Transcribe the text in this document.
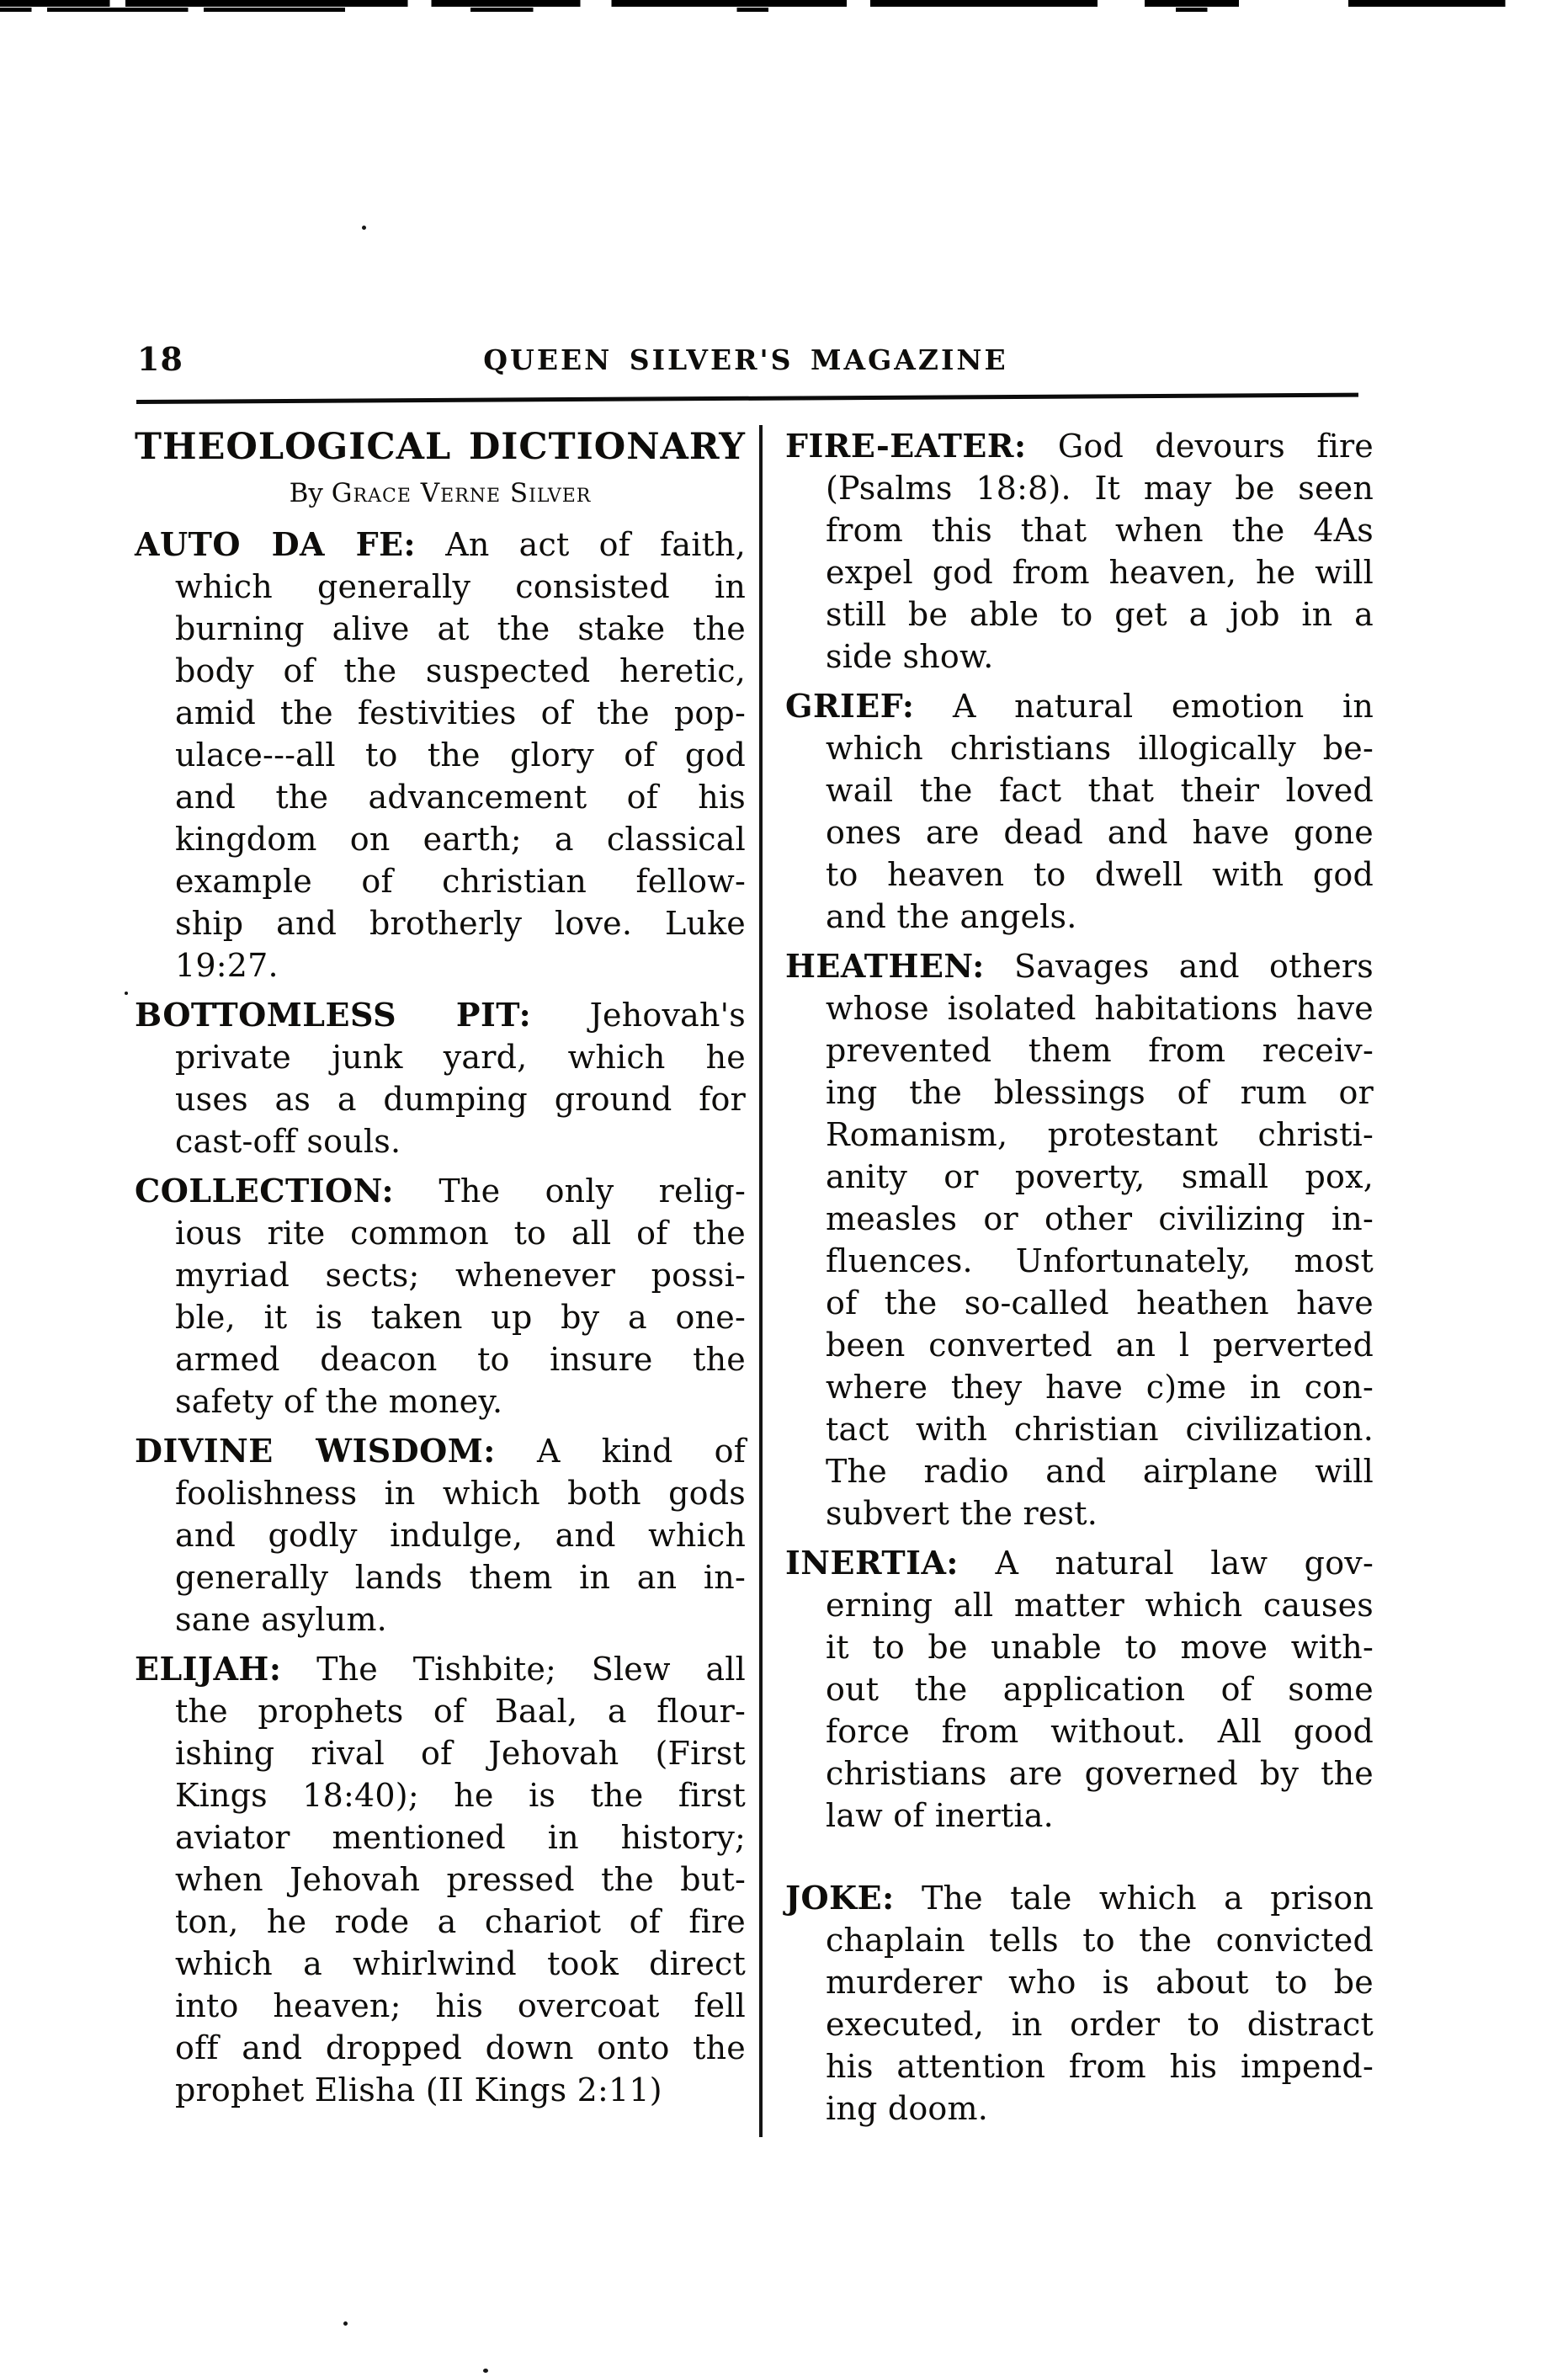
18	QUEEN SILVER'S MAGAZINE
THEOLOGICAL DICTIONARY
By Grace Verne Silver
AUTO DA FE: An act of faith,
which generally consisted in
burning alive at the stake the
body of the suspected heretic,
amid the festivities of the pop-
ulace---all to the glory of god
and the advancement of his
kingdom on earth; a classical
example of christian fellow-
ship and brotherly love. Luke
19:27.
BOTTOMLESS PIT: Jehovah's
private junk yard, which he
uses as a dumping ground for
cast-off souls.
COLLECTION: The only relig-
ious rite common to all of the
myriad sects; whenever possi-
ble, it is taken up by a one-
armed deacon to insure the
safety of the money.
DIVINE WISDOM: A kind of
foolishness in which both gods
and godly indulge, and which
generally lands them in an in-
sane asylum.
ELIJAH: The Tishbite; Slew all
the prophets of Baal, a flour-
ishing rival of Jehovah (First
Kings 18:40); he is the first
aviator mentioned in history;
when Jehovah pressed the but-
ton, he rode a chariot of fire
which a whirlwind took direct
into heaven; his overcoat fell
off and dropped down onto the
prophet Elisha (II Kings 2:11)
FIRE-EATER: God devours fire
(Psalms 18:8). It may be seen
from this that when the 4As
expel god from heaven, he will
still be able to get a job in a
side show.
GRIEF: A natural emotion in
which christians illogically be-
wail the fact that their loved
ones are dead and have gone
to heaven to dwell with god
and the angels.
HEATHEN: Savages and others
whose isolated habitations have
prevented them from receiv-
ing the blessings of rum or
Romanism, protestant christi-
anity or poverty, small pox,
measles or other civilizing in-
fluences. Unfortunately, most
of the so-called heathen have
been converted an l perverted
where they have c)me in con-
tact with christian civilization.
The radio and airplane will
subvert the rest.
INERTIA: A natural law gov-
erning all matter which causes
it to be unable to move with-
out the application of some
force from without. All good
christians are governed by the
law of inertia.
JOKE: The tale which a prison
chaplain tells to the convicted
murderer who is about to be
executed, in order to distract
his attention from his impend-
ing doom.
